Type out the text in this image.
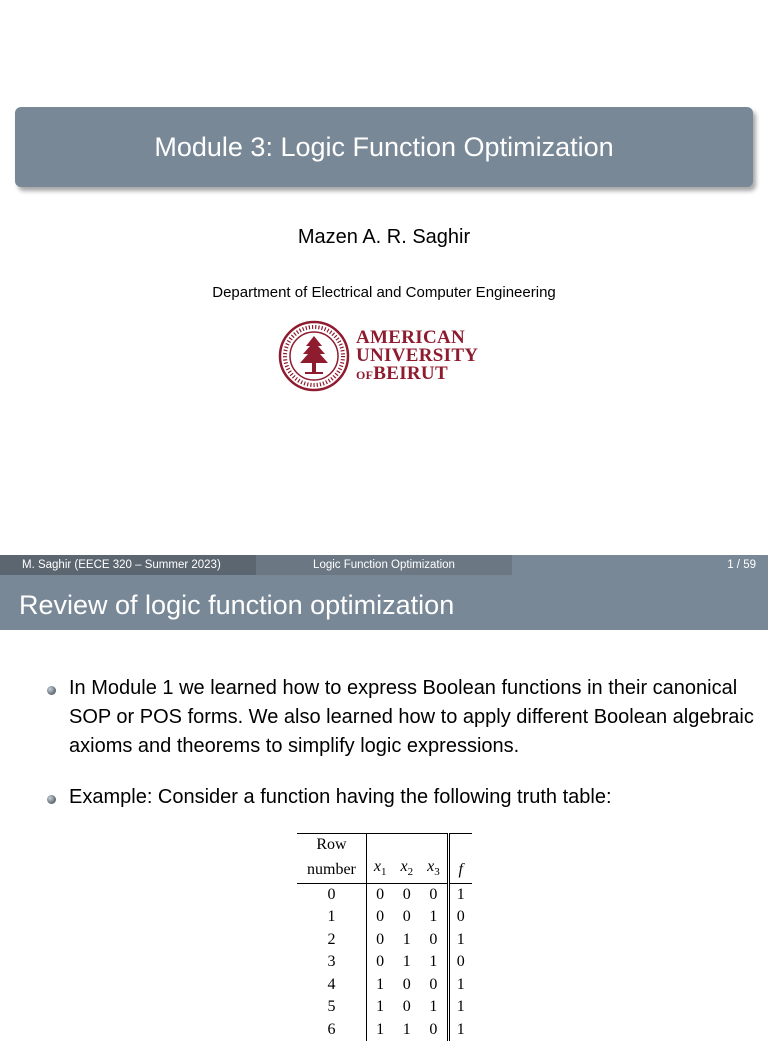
Module 3: Logic Function Optimization
Mazen A. R. Saghir
Department of Electrical and Computer Engineering
AMERICAN
UNIVERSITY
OFBEIRUT
M. Saghir (EECE 320 – Summer 2023)	Logic Function Optimization	1 / 59
Review of logic function optimization
In Module 1 we learned how to express Boolean functions in their canonical SOP or POS forms. We also learned how to apply different Boolean algebraic axioms and theorems to simplify logic expressions.
Example: Consider a function having the following truth table:
Row				
number	$x_1$	$x_2$	$x_3$	f
0	0	0	0	1
1	0	0	1	0
2	0	1	0	1
3	0	1	1	0
4	1	0	0	1
5	1	0	1	1
6	1	1	0	1
